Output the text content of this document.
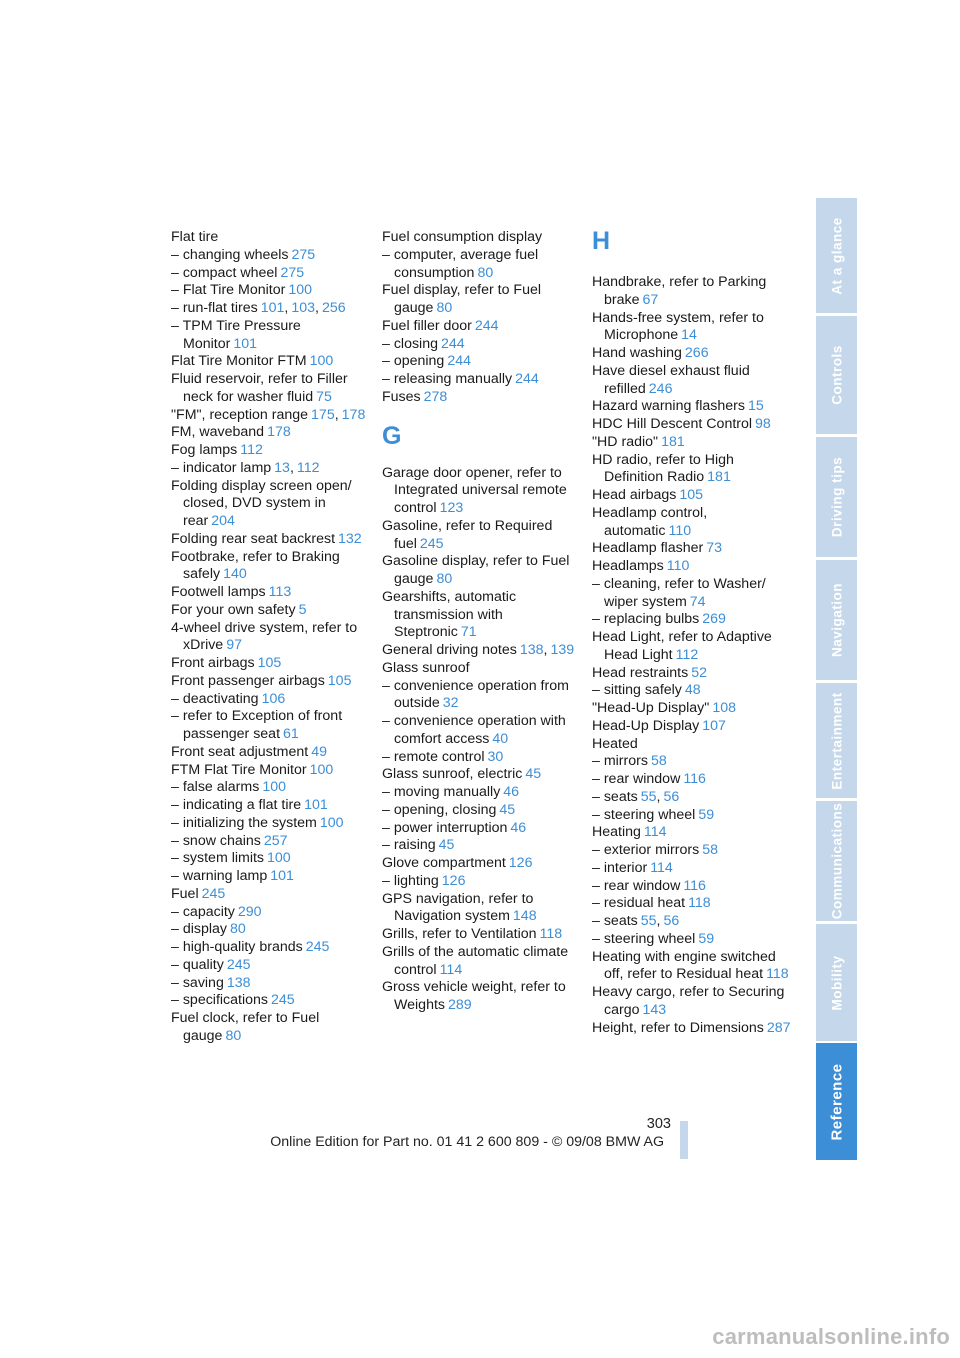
Flat tire

– changing wheels 275

– compact wheel 275

– Flat Tire Monitor 100

– run-flat tires 101, 103, 256

– TPM Tire Pressure Monitor 101

Flat Tire Monitor FTM 100

Fluid reservoir, refer to Filler neck for washer fluid 75

"FM", reception range 175, 178

FM, waveband 178

Fog lamps 112

– indicator lamp 13, 112

Folding display screen open/ closed, DVD system in rear 204

Folding rear seat backrest 132

Footbrake, refer to Braking safely 140

Footwell lamps 113

For your own safety 5

4-wheel drive system, refer to xDrive 97

Front airbags 105

Front passenger airbags 105

– deactivating 106

– refer to Exception of front passenger seat 61

Front seat adjustment 49

FTM Flat Tire Monitor 100

– false alarms 100

– indicating a flat tire 101

– initializing the system 100

– snow chains 257

– system limits 100

– warning lamp 101

Fuel 245

– capacity 290

– display 80

– high-quality brands 245

– quality 245

– saving 138

– specifications 245

Fuel clock, refer to Fuel gauge 80

Fuel consumption display

– computer, average fuel consumption 80

Fuel display, refer to Fuel gauge 80

Fuel filler door 244

– closing 244

– opening 244

– releasing manually 244

Fuses 278

G

Garage door opener, refer to Integrated universal remote control 123

Gasoline, refer to Required fuel 245

Gasoline display, refer to Fuel gauge 80

Gearshifts, automatic transmission with Steptronic 71

General driving notes 138, 139

Glass sunroof

– convenience operation from outside 32

– convenience operation with comfort access 40

– remote control 30

Glass sunroof, electric 45

– moving manually 46

– opening, closing 45

– power interruption 46

– raising 45

Glove compartment 126

– lighting 126

GPS navigation, refer to Navigation system 148

Grills, refer to Ventilation 118

Grills of the automatic climate control 114

Gross vehicle weight, refer to Weights 289

H

Handbrake, refer to Parking brake 67

Hands-free system, refer to Microphone 14

Hand washing 266

Have diesel exhaust fluid refilled 246

Hazard warning flashers 15

HDC Hill Descent Control 98

"HD radio" 181

HD radio, refer to High Definition Radio 181

Head airbags 105

Headlamp control, automatic 110

Headlamp flasher 73

Headlamps 110

– cleaning, refer to Washer/ wiper system 74

– replacing bulbs 269

Head Light, refer to Adaptive Head Light 112

Head restraints 52

– sitting safely 48

"Head-Up Display" 108

Head-Up Display 107

Heated

– mirrors 58

– rear window 116

– seats 55, 56

– steering wheel 59

Heating 114

– exterior mirrors 58

– interior 114

– rear window 116

– residual heat 118

– seats 55, 56

– steering wheel 59

Heating with engine switched off, refer to Residual heat 118

Heavy cargo, refer to Securing cargo 143

Height, refer to Dimensions 287

At a glance
Controls
Driving tips
Navigation
Entertainment
Communications
Mobility
Reference
303
Online Edition for Part no. 01 41 2 600 809 - © 09/08 BMW AG
carmanualsonline.info
